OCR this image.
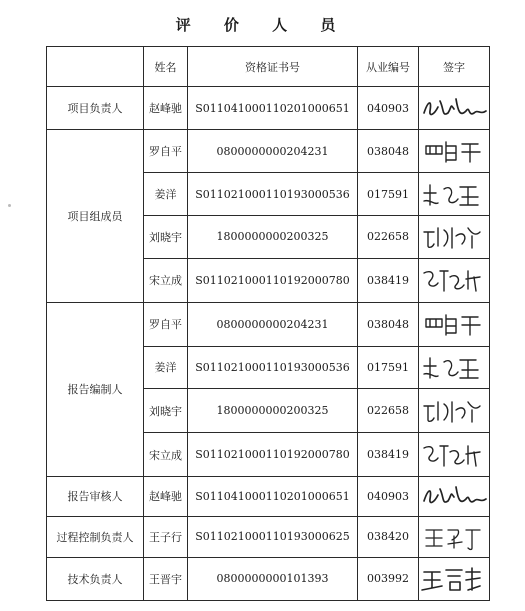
评 价 人 员
	姓名	资格证书号	从业编号	签字
项目负责人	赵峰驰	S011041000110201000651	040903	

项目组成员	罗自平	0800000000204231	038048	

	姜洋	S011021000110193000536	017591	

	刘晓宇	1800000000200325	022658	

	宋立成	S011021000110192000780	038419	

报告编制人	罗自平	0800000000204231	038048	

	姜洋	S011021000110193000536	017591	

	刘晓宇	1800000000200325	022658	

	宋立成	S011021000110192000780	038419	

报告审核人	赵峰驰	S011041000110201000651	040903	

过程控制负责人	王子行	S011021000110193000625	038420	

技术负责人	王晋宇	0800000000101393	003992	
